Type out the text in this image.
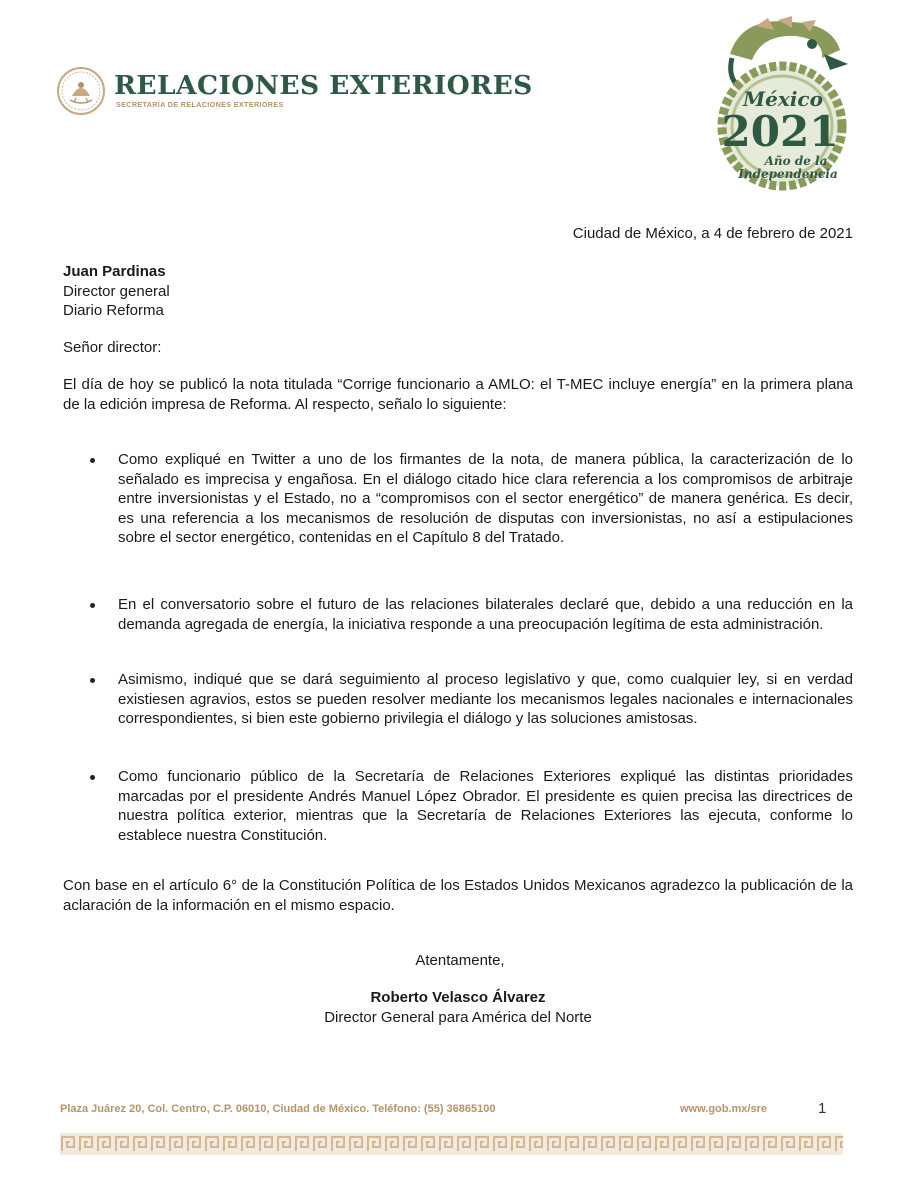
RELACIONES EXTERIORES
SECRETARÍA DE RELACIONES EXTERIORES	México
2021
Año de la
Independencia
Ciudad de México, a 4 de febrero de 2021
Juan Pardinas
Director general
Diario Reforma
Señor director:
El día de hoy se publicó la nota titulada “Corrige funcionario a AMLO: el T-MEC incluye energía” en la primera plana de la edición impresa de Reforma. Al respecto, señalo lo siguiente:
Como expliqué en Twitter a uno de los firmantes de la nota, de manera pública, la caracterización de lo señalado es imprecisa y engañosa. En el diálogo citado hice clara referencia a los compromisos de arbitraje entre inversionistas y el Estado, no a “compromisos con el sector energético” de manera genérica. Es decir, es una referencia a los mecanismos de resolución de disputas con inversionistas, no así a estipulaciones sobre el sector energético, contenidas en el Capítulo 8 del Tratado.
En el conversatorio sobre el futuro de las relaciones bilaterales declaré que, debido a una reducción en la demanda agregada de energía, la iniciativa responde a una preocupación legítima de esta administración.
Asimismo, indiqué que se dará seguimiento al proceso legislativo y que, como cualquier ley, si en verdad existiesen agravios, estos se pueden resolver mediante los mecanismos legales nacionales e internacionales correspondientes, si bien este gobierno privilegia el diálogo y las soluciones amistosas.
Como funcionario público de la Secretaría de Relaciones Exteriores expliqué las distintas prioridades marcadas por el presidente Andrés Manuel López Obrador. El presidente es quien precisa las directrices de nuestra política exterior, mientras que la Secretaría de Relaciones Exteriores las ejecuta, conforme lo establece nuestra Constitución.
Con base en el artículo 6° de la Constitución Política de los Estados Unidos Mexicanos agradezco la publicación de la aclaración de la información en el mismo espacio.
Atentamente,
Roberto Velasco Álvarez
Director General para América del Norte
Plaza Juárez 20, Col. Centro, C.P. 06010, Ciudad de México. Teléfono: (55) 36865100	www.gob.mx/sre	1
